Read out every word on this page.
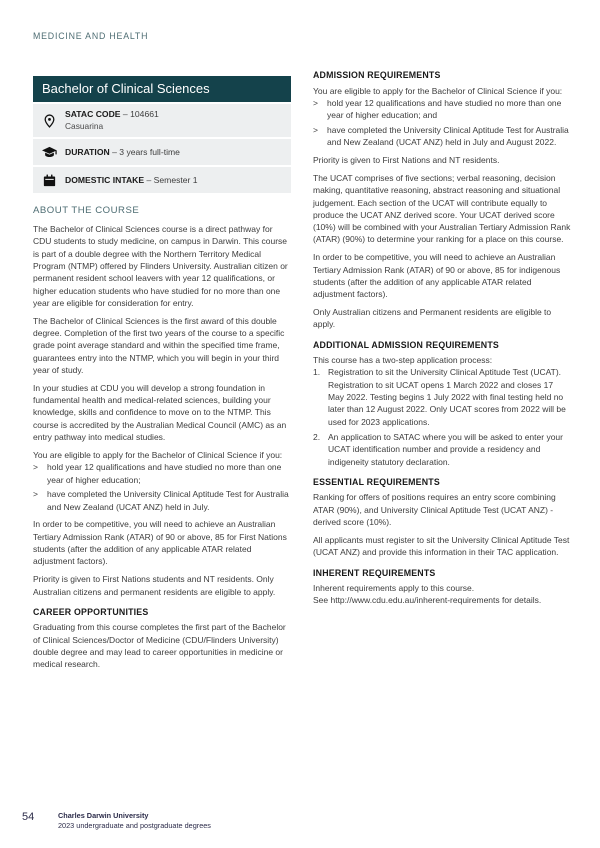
MEDICINE AND HEALTH
Bachelor of Clinical Sciences
SATAC CODE – 104661
Casuarina
DURATION – 3 years full-time
DOMESTIC INTAKE – Semester 1
ABOUT THE COURSE

The Bachelor of Clinical Sciences course is a direct pathway for CDU students to study medicine, on campus in Darwin. This course is part of a double degree with the Northern Territory Medical Program (NTMP) offered by Flinders University. Australian citizen or permanent resident school leavers with year 12 qualifications, or higher education students who have studied for no more than one year are eligible for consideration for entry.

The Bachelor of Clinical Sciences is the first award of this double degree. Completion of the first two years of the course to a specific grade point average standard and within the specified time frame, guarantees entry into the NTMP, which you will begin in your third year of study.

In your studies at CDU you will develop a strong foundation in fundamental health and medical-related sciences, building your knowledge, skills and confidence to move on to the NTMP. This course is accredited by the Australian Medical Council (AMC) as an entry pathway into medical studies.

You are eligible to apply for the Bachelor of Clinical Science if you:

>	hold year 12 qualifications and have studied no more than one year of higher education;
>	have completed the University Clinical Aptitude Test for Australia and New Zealand (UCAT ANZ) held in July.

In order to be competitive, you will need to achieve an Australian Tertiary Admission Rank (ATAR) of 90 or above, 85 for First Nations students (after the addition of any applicable ATAR related adjustment factors).

Priority is given to First Nations students and NT residents. Only Australian citizens and permanent residents are eligible to apply.

CAREER OPPORTUNITIES

Graduating from this course completes the first part of the Bachelor of Clinical Sciences/Doctor of Medicine (CDU/Flinders University) double degree and may lead to career opportunities in medicine or medical research.

ADMISSION REQUIREMENTS

You are eligible to apply for the Bachelor of Clinical Science if you:

>	hold year 12 qualifications and have studied no more than one year of higher education; and
>	have completed the University Clinical Aptitude Test for Australia and New Zealand (UCAT ANZ) held in July and August 2022.

Priority is given to First Nations and NT residents.

The UCAT comprises of five sections; verbal reasoning, decision making, quantitative reasoning, abstract reasoning and situational judgement. Each section of the UCAT will contribute equally to produce the UCAT ANZ derived score. Your UCAT derived score (10%) will be combined with your Australian Tertiary Admission Rank (ATAR) (90%) to determine your ranking for a place on this course.

In order to be competitive, you will need to achieve an Australian Tertiary Admission Rank (ATAR) of 90 or above, 85 for indigenous students (after the addition of any applicable ATAR related adjustment factors).

Only Australian citizens and Permanent residents are eligible to apply.

ADDITIONAL ADMISSION REQUIREMENTS

This course has a two-step application process:

1. Registration to sit the University Clinical Aptitude Test (UCAT). Registration to sit UCAT opens 1 March 2022 and closes 17 May 2022. Testing begins 1 July 2022 with final testing held no later than 12 August 2022. Only UCAT scores from 2022 will be used for 2023 applications.
2. An application to SATAC where you will be asked to enter your UCAT identification number and provide a residency and indigeneity statutory declaration.
ESSENTIAL REQUIREMENTS

Ranking for offers of positions requires an entry score combining ATAR (90%), and University Clinical Aptitude Test (UCAT ANZ) - derived score (10%).

All applicants must register to sit the University Clinical Aptitude Test (UCAT ANZ) and provide this information in their TAC application.

INHERENT REQUIREMENTS

Inherent requirements apply to this course.

See http://www.cdu.edu.au/inherent-requirements for details.

54	Charles Darwin University
2023 undergraduate and postgraduate degrees
